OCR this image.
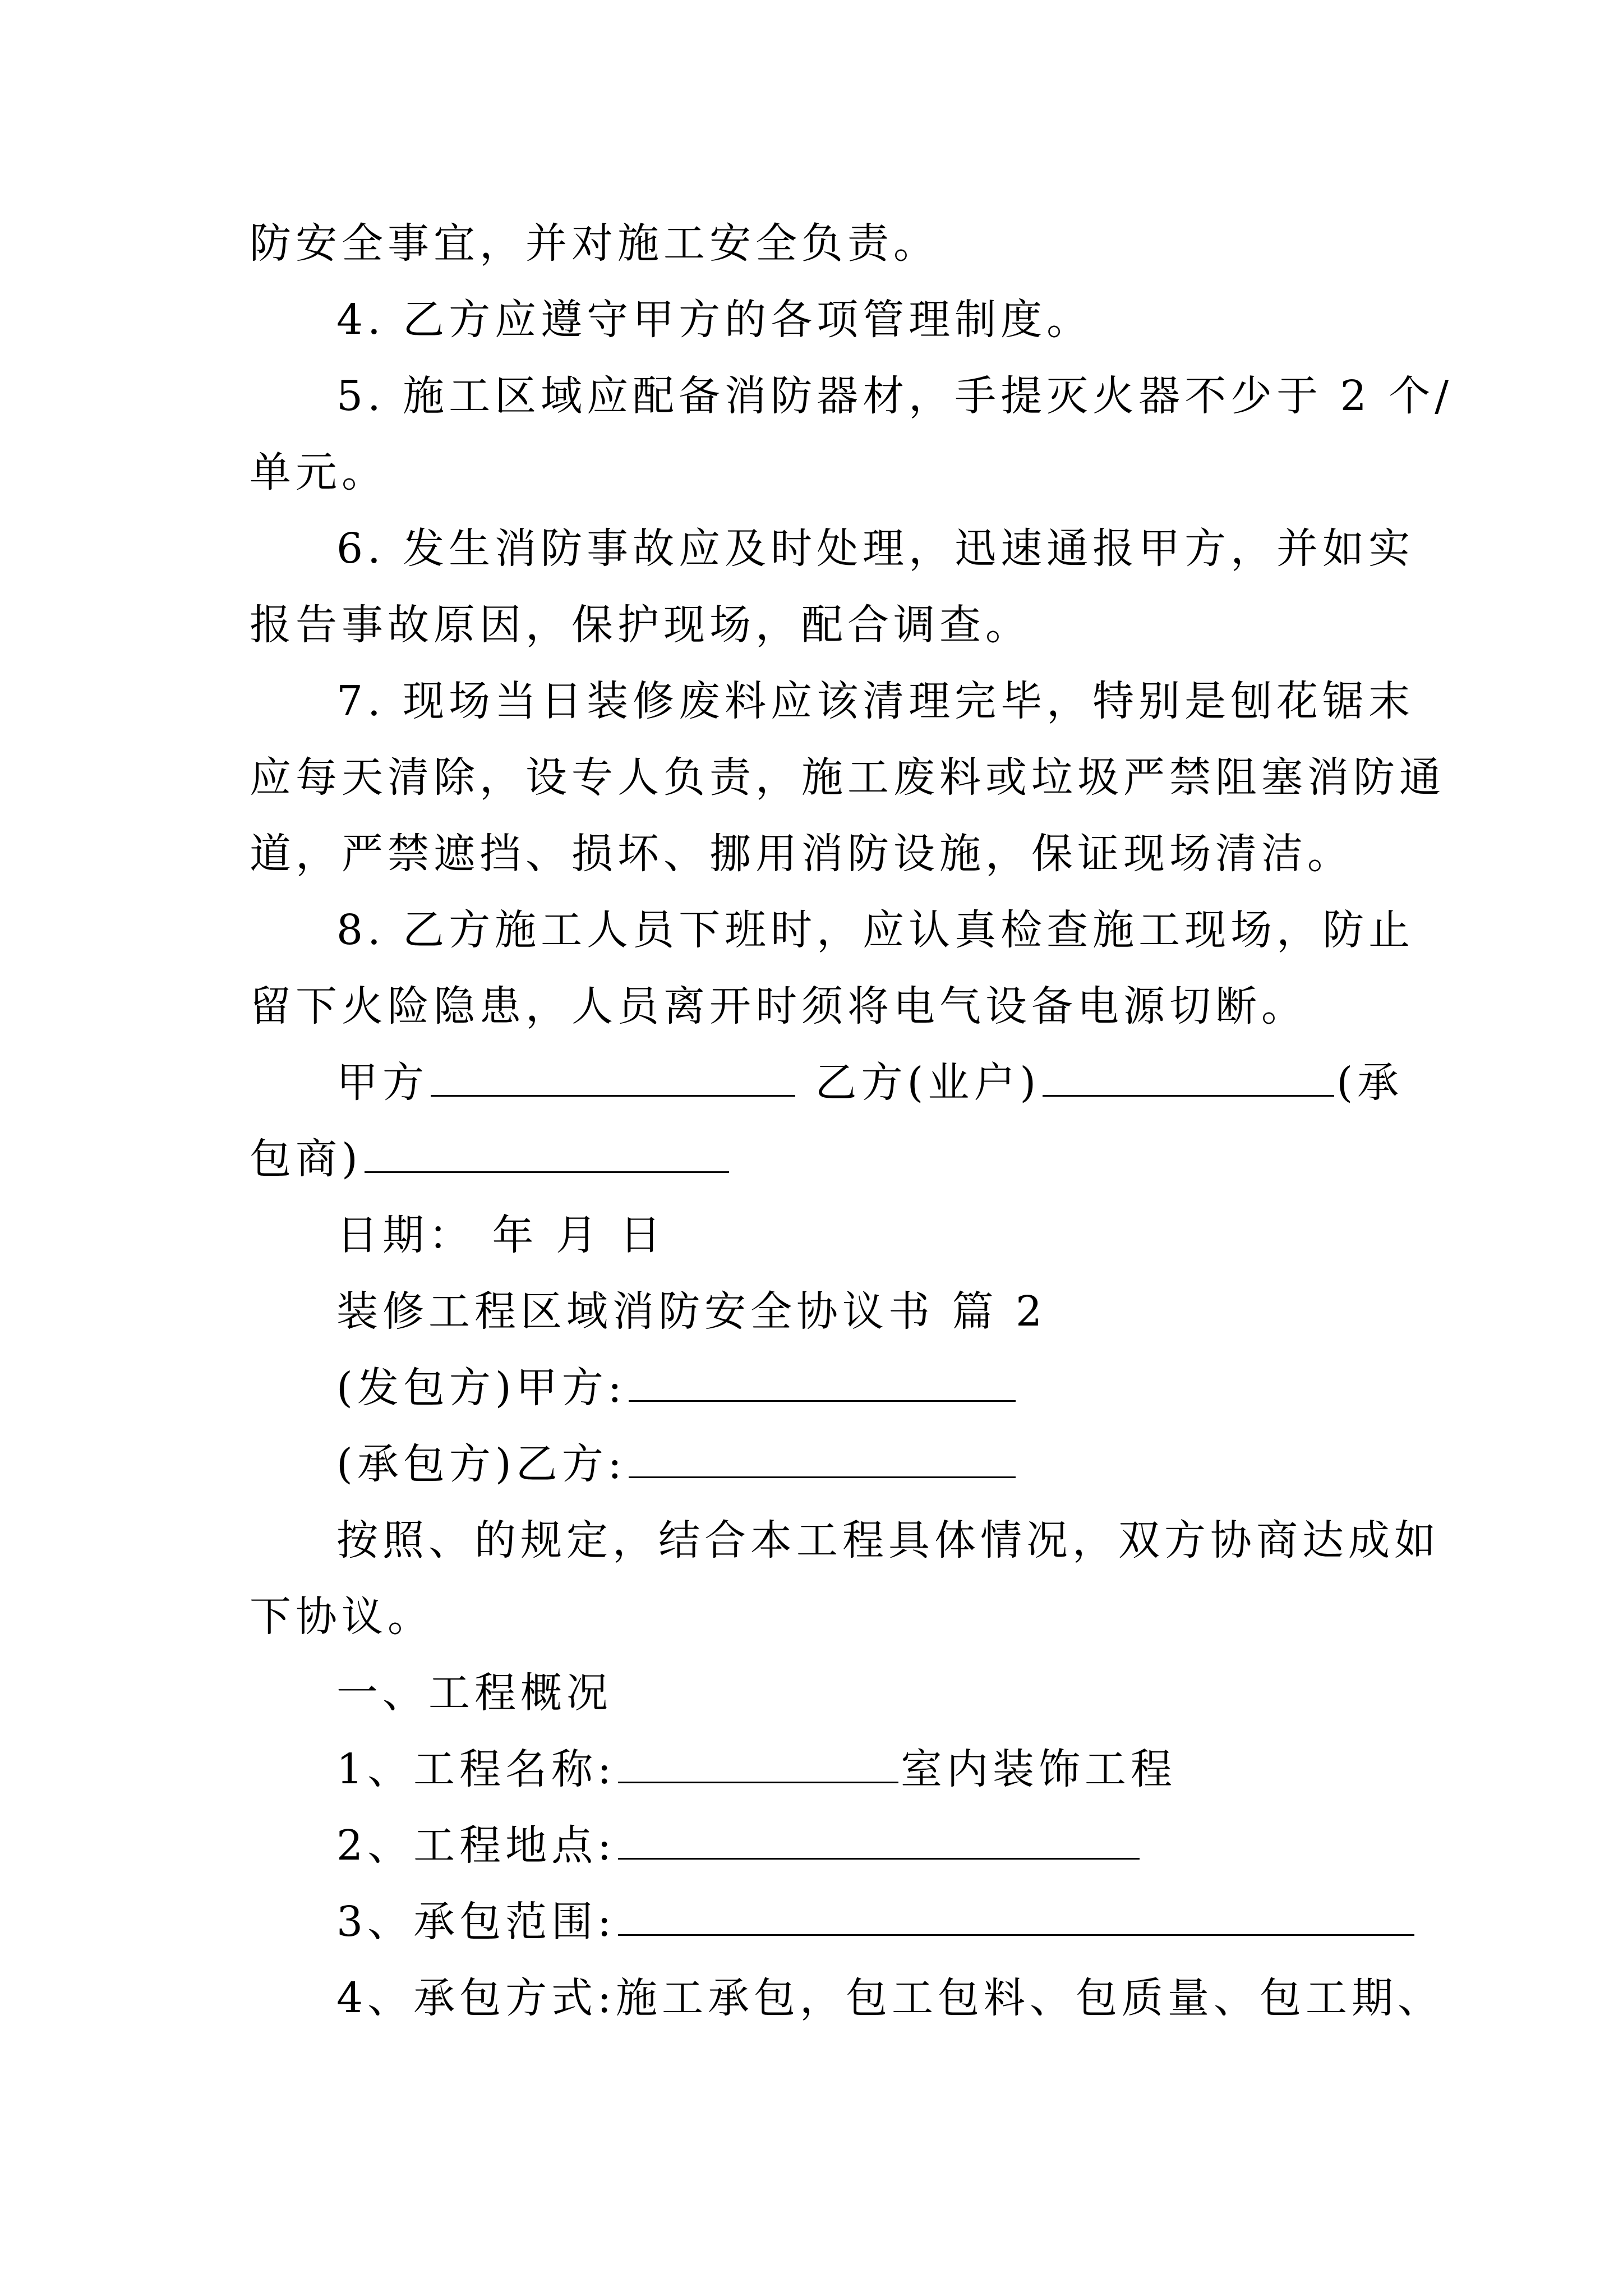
防安全事宜，并对施工安全负责。
4. 乙方应遵守甲方的各项管理制度。
5. 施工区域应配备消防器材，手提灭火器不少于 2 个/
单元。
6. 发生消防事故应及时处理，迅速通报甲方，并如实
报告事故原因，保护现场，配合调查。
7. 现场当日装修废料应该清理完毕，特别是刨花锯末
应每天清除，设专人负责，施工废料或垃圾严禁阻塞消防通
道，严禁遮挡、损坏、挪用消防设施，保证现场清洁。
8. 乙方施工人员下班时，应认真检查施工现场，防止
留下火险隐患，人员离开时须将电气设备电源切断。
甲方	乙方(业户)	(承
包商)
日期： 年 月 日
装修工程区域消防安全协议书 篇 2
(发包方)甲方:
(承包方)乙方:
按照、的规定，结合本工程具体情况，双方协商达成如
下协议。
一、工程概况
1、工程名称:	室内装饰工程
2、工程地点:
3、承包范围:
4、承包方式:施工承包，包工包料、包质量、包工期、
